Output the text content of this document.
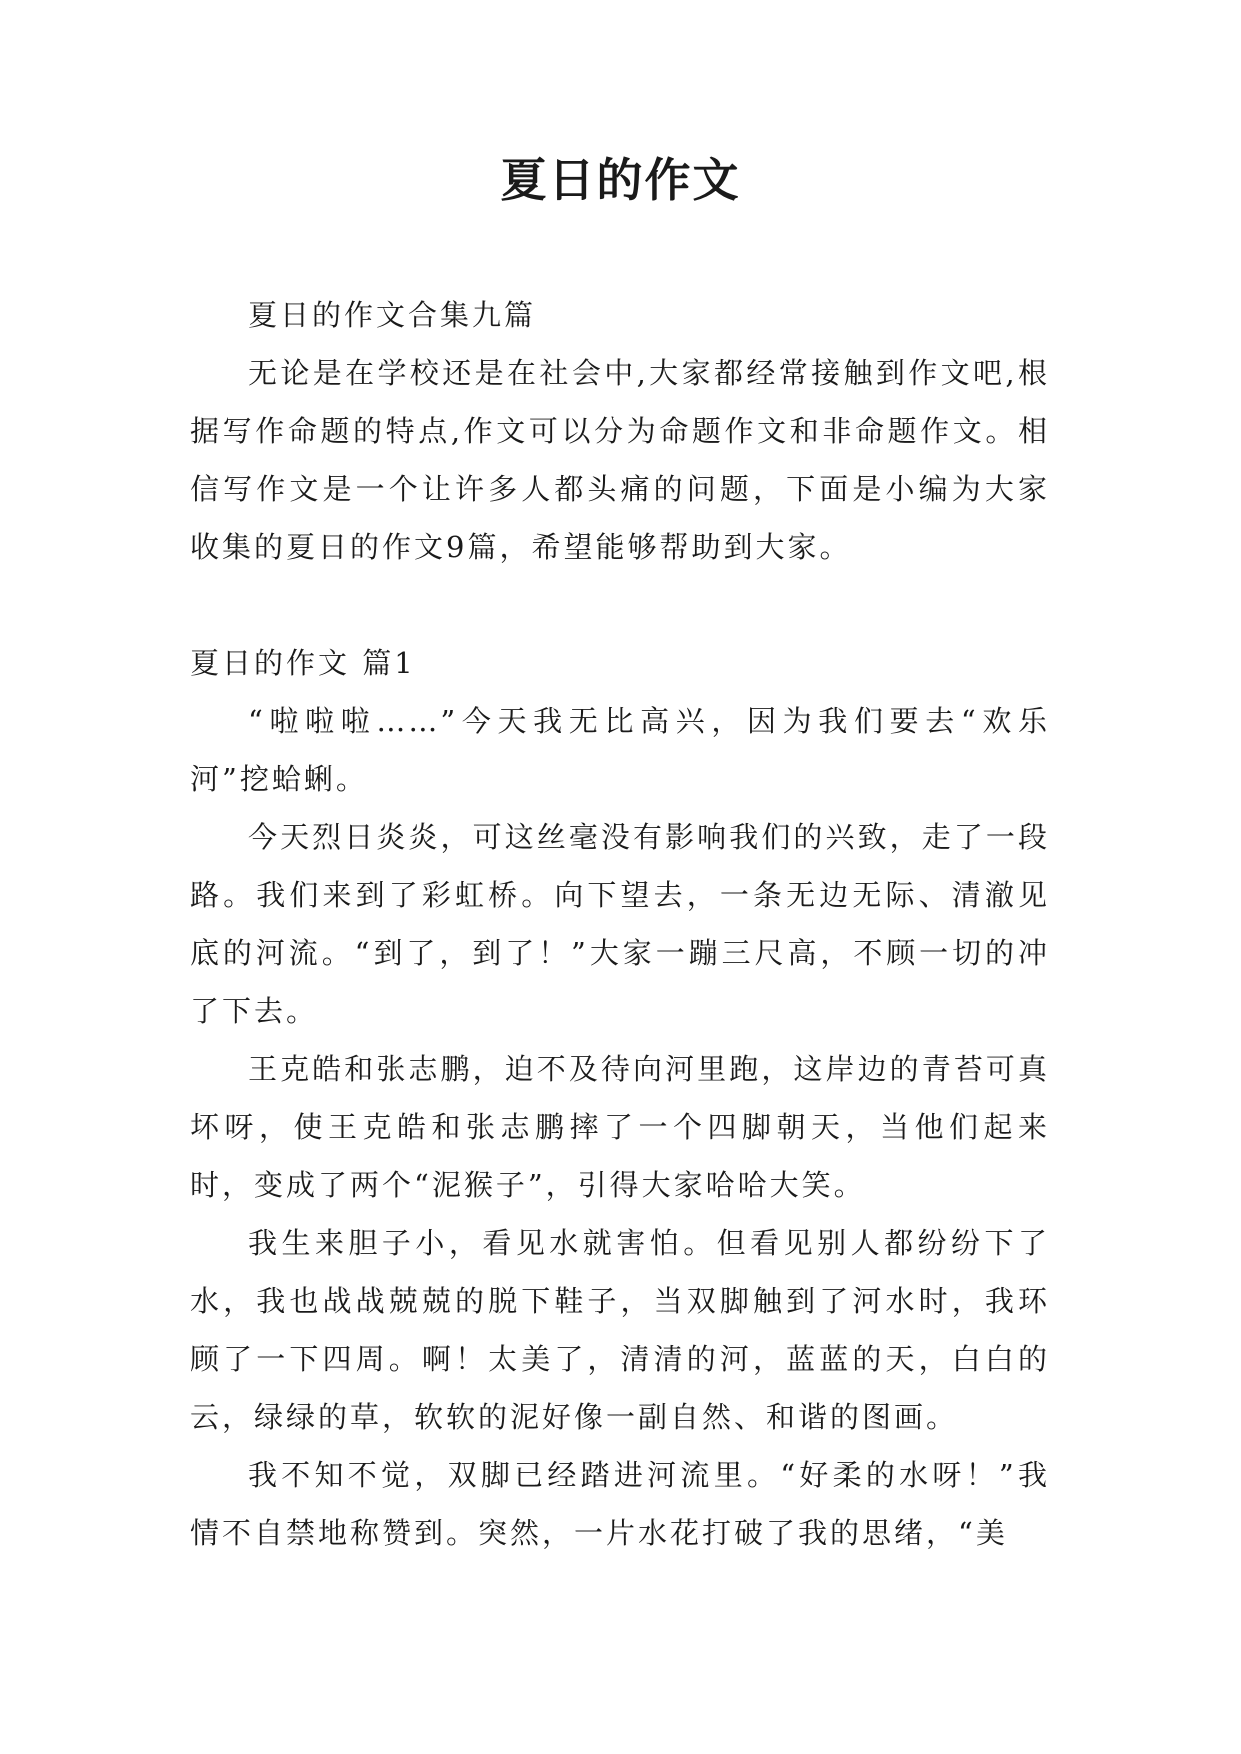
夏日的作文

夏日的作文合集九篇

无论是在学校还是在社会中,大家都经常接触到作文吧,根据写作命题的特点,作文可以分为命题作文和非命题作文。相信写作文是一个让许多人都头痛的问题，下面是小编为大家收集的夏日的作文9篇，希望能够帮助到大家。

夏日的作文 篇1

“啦啦啦……”今天我无比高兴，因为我们要去“欢乐河”挖蛤蜊。

今天烈日炎炎，可这丝毫没有影响我们的兴致，走了一段路。我们来到了彩虹桥。向下望去，一条无边无际、清澈见底的河流。“到了，到了！”大家一蹦三尺高，不顾一切的冲了下去。

王克皓和张志鹏，迫不及待向河里跑，这岸边的青苔可真坏呀，使王克皓和张志鹏摔了一个四脚朝天，当他们起来时，变成了两个“泥猴子”，引得大家哈哈大笑。

我生来胆子小，看见水就害怕。但看见别人都纷纷下了水，我也战战兢兢的脱下鞋子，当双脚触到了河水时，我环顾了一下四周。啊！太美了，清清的河，蓝蓝的天，白白的云，绿绿的草，软软的泥好像一副自然、和谐的图画。

我不知不觉，双脚已经踏进河流里。“好柔的水呀！”我情不自禁地称赞到。突然，一片水花打破了我的思绪，“美
